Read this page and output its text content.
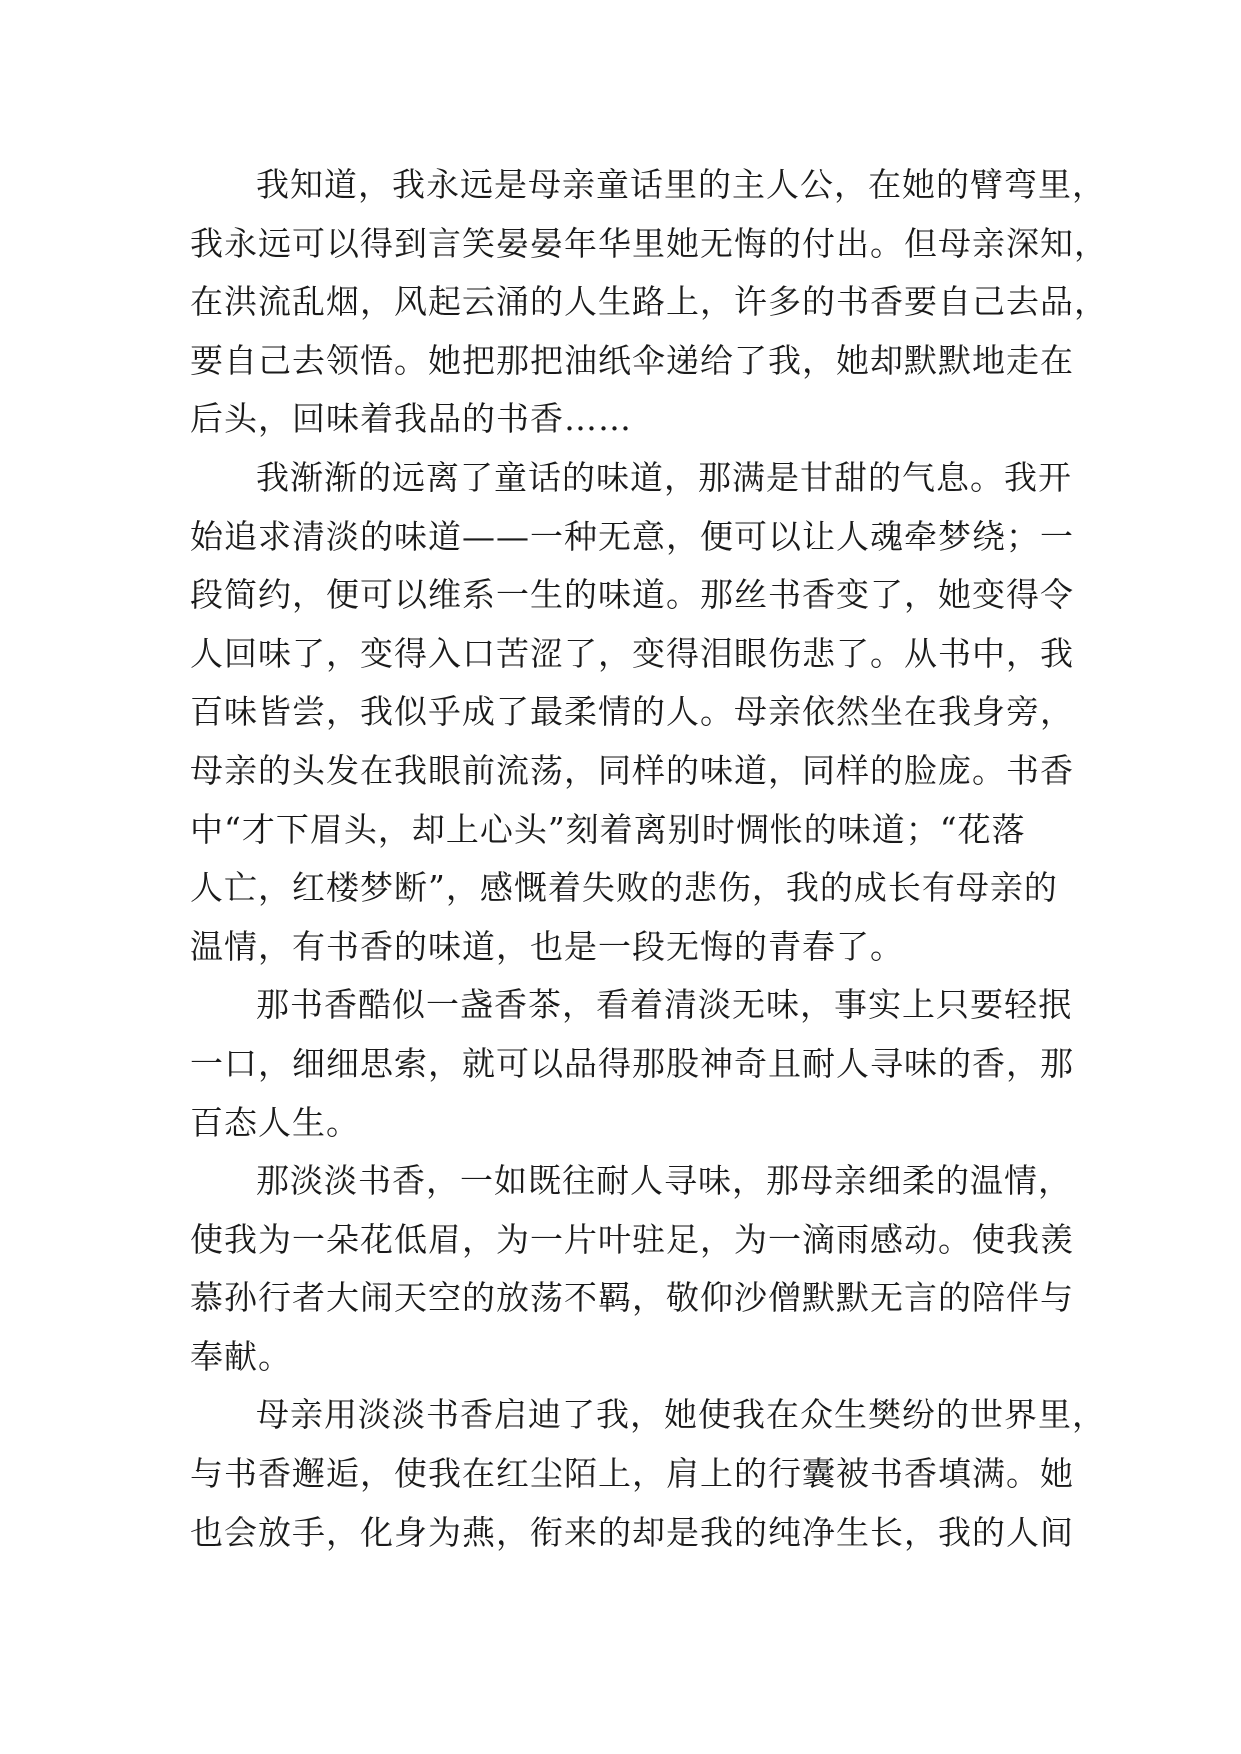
我知道，我永远是母亲童话里的主人公，在她的臂弯里，
我永远可以得到言笑晏晏年华里她无悔的付出。但母亲深知，
在洪流乱烟，风起云涌的人生路上，许多的书香要自己去品，
要自己去领悟。她把那把油纸伞递给了我，她却默默地走在
后头，回味着我品的书香……
我渐渐的远离了童话的味道，那满是甘甜的气息。我开
始追求清淡的味道——一种无意，便可以让人魂牵梦绕；一
段简约，便可以维系一生的味道。那丝书香变了，她变得令
人回味了，变得入口苦涩了，变得泪眼伤悲了。从书中，我
百味皆尝，我似乎成了最柔情的人。母亲依然坐在我身旁，
母亲的头发在我眼前流荡，同样的味道，同样的脸庞。书香
中“才下眉头，却上心头”刻着离别时惆怅的味道；“花落
人亡，红楼梦断”，感慨着失败的悲伤，我的成长有母亲的
温情，有书香的味道，也是一段无悔的青春了。
那书香酷似一盏香茶，看着清淡无味，事实上只要轻抿
一口，细细思索，就可以品得那股神奇且耐人寻味的香，那
百态人生。
那淡淡书香，一如既往耐人寻味，那母亲细柔的温情，
使我为一朵花低眉，为一片叶驻足，为一滴雨感动。使我羡
慕孙行者大闹天空的放荡不羁，敬仰沙僧默默无言的陪伴与
奉献。
母亲用淡淡书香启迪了我，她使我在众生樊纷的世界里，
与书香邂逅，使我在红尘陌上，肩上的行囊被书香填满。她
也会放手，化身为燕，衔来的却是我的纯净生长，我的人间
